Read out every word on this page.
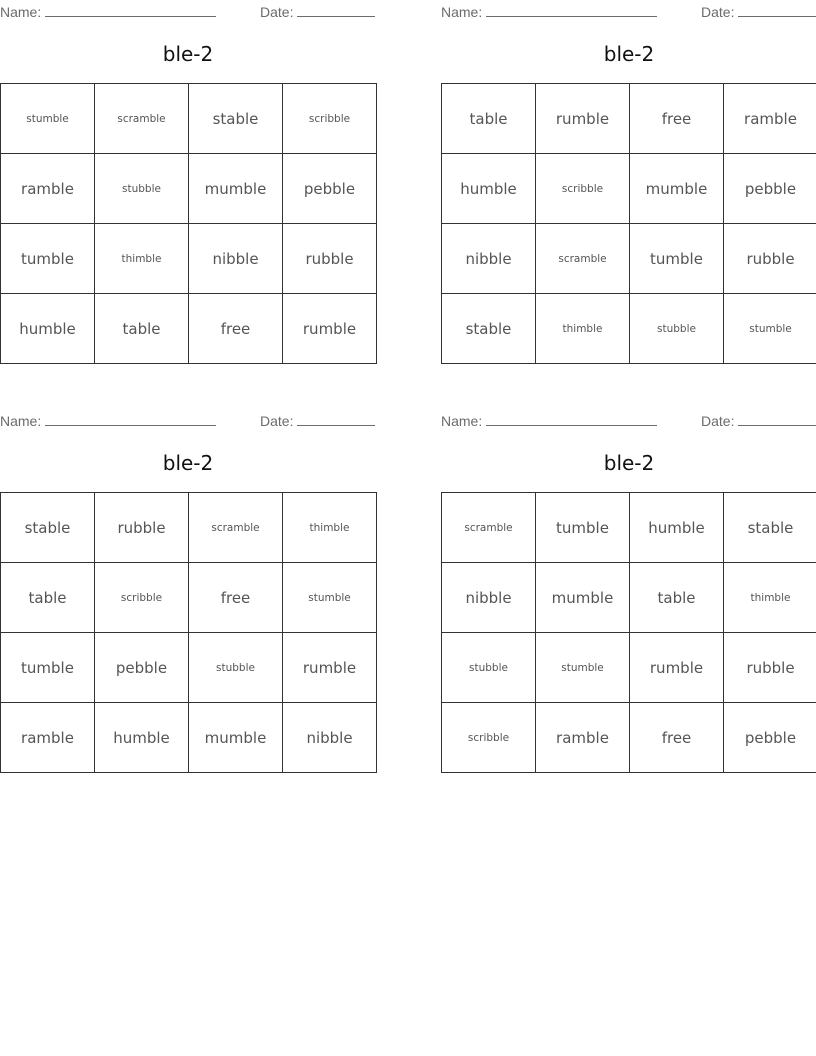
Name:	Date:
ble-2
stumble	scramble	stable	scribble
ramble	stubble	mumble	pebble
tumble	thimble	nibble	rubble
humble	table	free	rumble
Name:	Date:
ble-2
table	rumble	free	ramble
humble	scribble	mumble	pebble
nibble	scramble	tumble	rubble
stable	thimble	stubble	stumble
Name:	Date:
ble-2
stable	rubble	scramble	thimble
table	scribble	free	stumble
tumble	pebble	stubble	rumble
ramble	humble	mumble	nibble
Name:	Date:
ble-2
scramble	tumble	humble	stable
nibble	mumble	table	thimble
stubble	stumble	rumble	rubble
scribble	ramble	free	pebble
